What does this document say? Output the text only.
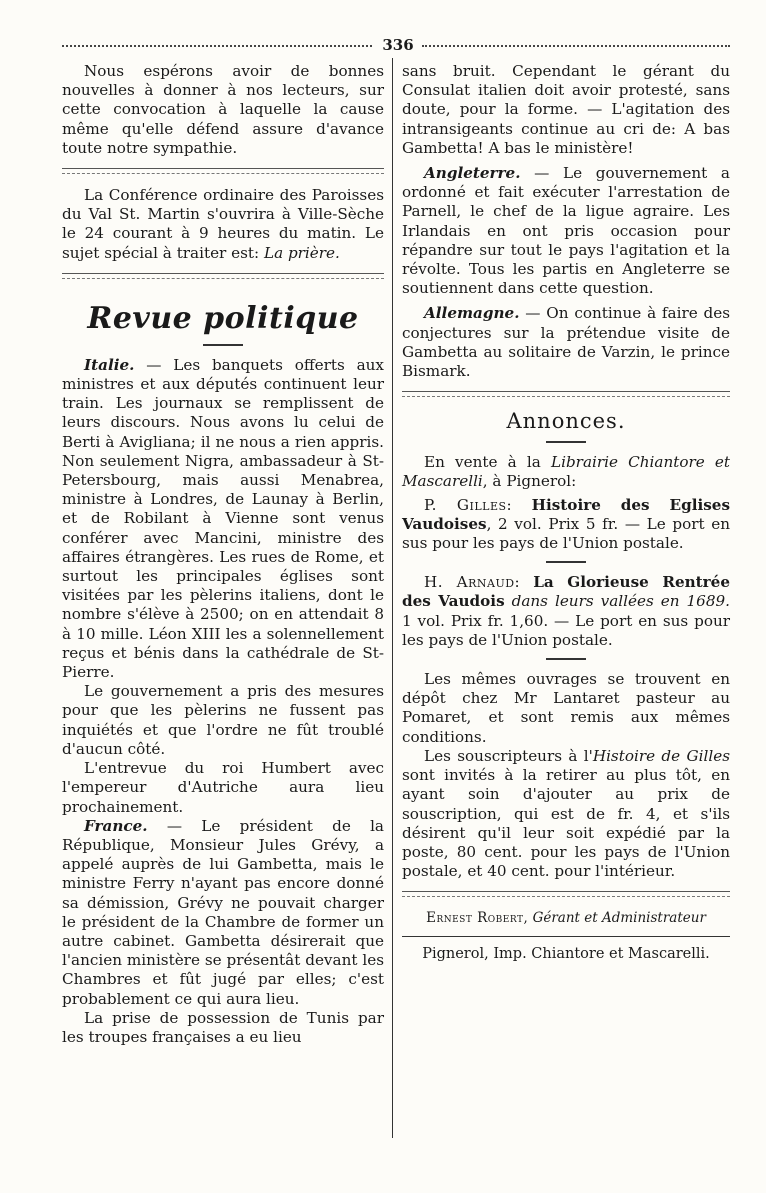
336

Nous espérons avoir de bonnes nouvelles à donner à nos lecteurs, sur cette convocation à laquelle la cause même qu'elle défend assure d'avance toute notre sympathie.

La Conférence ordinaire des Paroisses du Val St. Martin s'ouvrira à Ville-Sèche le 24 courant à 9 heures du matin. Le sujet spécial à traiter est: La prière.

Revue politique

Italie. — Les banquets offerts aux ministres et aux députés continuent leur train. Les journaux se remplissent de leurs discours. Nous avons lu celui de Berti à Avigliana; il ne nous a rien appris. Non seulement Nigra, ambassadeur à St-Petersbourg, mais aussi Menabrea, ministre à Londres, de Launay à Berlin, et de Robilant à Vienne sont venus conférer avec Mancini, ministre des affaires étrangères. Les rues de Rome, et surtout les principales églises sont visitées par les pèlerins italiens, dont le nombre s'élève à 2500; on en attendait 8 à 10 mille. Léon XIII les a solennellement reçus et bénis dans la cathédrale de St-Pierre.

Le gouvernement a pris des mesures pour que les pèlerins ne fussent pas inquiétés et que l'ordre ne fût troublé d'aucun côté.

L'entrevue du roi Humbert avec l'empereur d'Autriche aura lieu prochainement.

France. — Le président de la République, Monsieur Jules Grévy, a appelé auprès de lui Gambetta, mais le ministre Ferry n'ayant pas encore donné sa démission, Grévy ne pouvait charger le président de la Chambre de former un autre cabinet. Gambetta désirerait que l'ancien ministère se présentât devant les Chambres et fût jugé par elles; c'est probablement ce qui aura lieu.

La prise de possession de Tunis par les troupes françaises a eu lieu

sans bruit. Cependant le gérant du Consulat italien doit avoir protesté, sans doute, pour la forme. — L'agitation des intransigeants continue au cri de: A bas Gambetta! A bas le ministère!

Angleterre. — Le gouvernement a ordonné et fait exécuter l'arrestation de Parnell, le chef de la ligue agraire. Les Irlandais en ont pris occasion pour répandre sur tout le pays l'agitation et la révolte. Tous les partis en Angleterre se soutiennent dans cette question.

Allemagne. — On continue à faire des conjectures sur la prétendue visite de Gambetta au solitaire de Varzin, le prince Bismark.

Annonces.

En vente à la Librairie Chiantore et Mascarelli, à Pignerol:

P. Gilles: Histoire des Eglises Vaudoises, 2 vol. Prix 5 fr. — Le port en sus pour les pays de l'Union postale.

H. Arnaud: La Glorieuse Rentrée des Vaudois dans leurs vallées en 1689. 1 vol. Prix fr. 1,60. — Le port en sus pour les pays de l'Union postale.

Les mêmes ouvrages se trouvent en dépôt chez Mr Lantaret pasteur au Pomaret, et sont remis aux mêmes conditions.

Les souscripteurs à l'Histoire de Gilles sont invités à la retirer au plus tôt, en ayant soin d'ajouter au prix de souscription, qui est de fr. 4, et s'ils désirent qu'il leur soit expédié par la poste, 80 cent. pour les pays de l'Union postale, et 40 cent. pour l'intérieur.

Ernest Robert, Gérant et Administrateur
Pignerol, Imp. Chiantore et Mascarelli.
